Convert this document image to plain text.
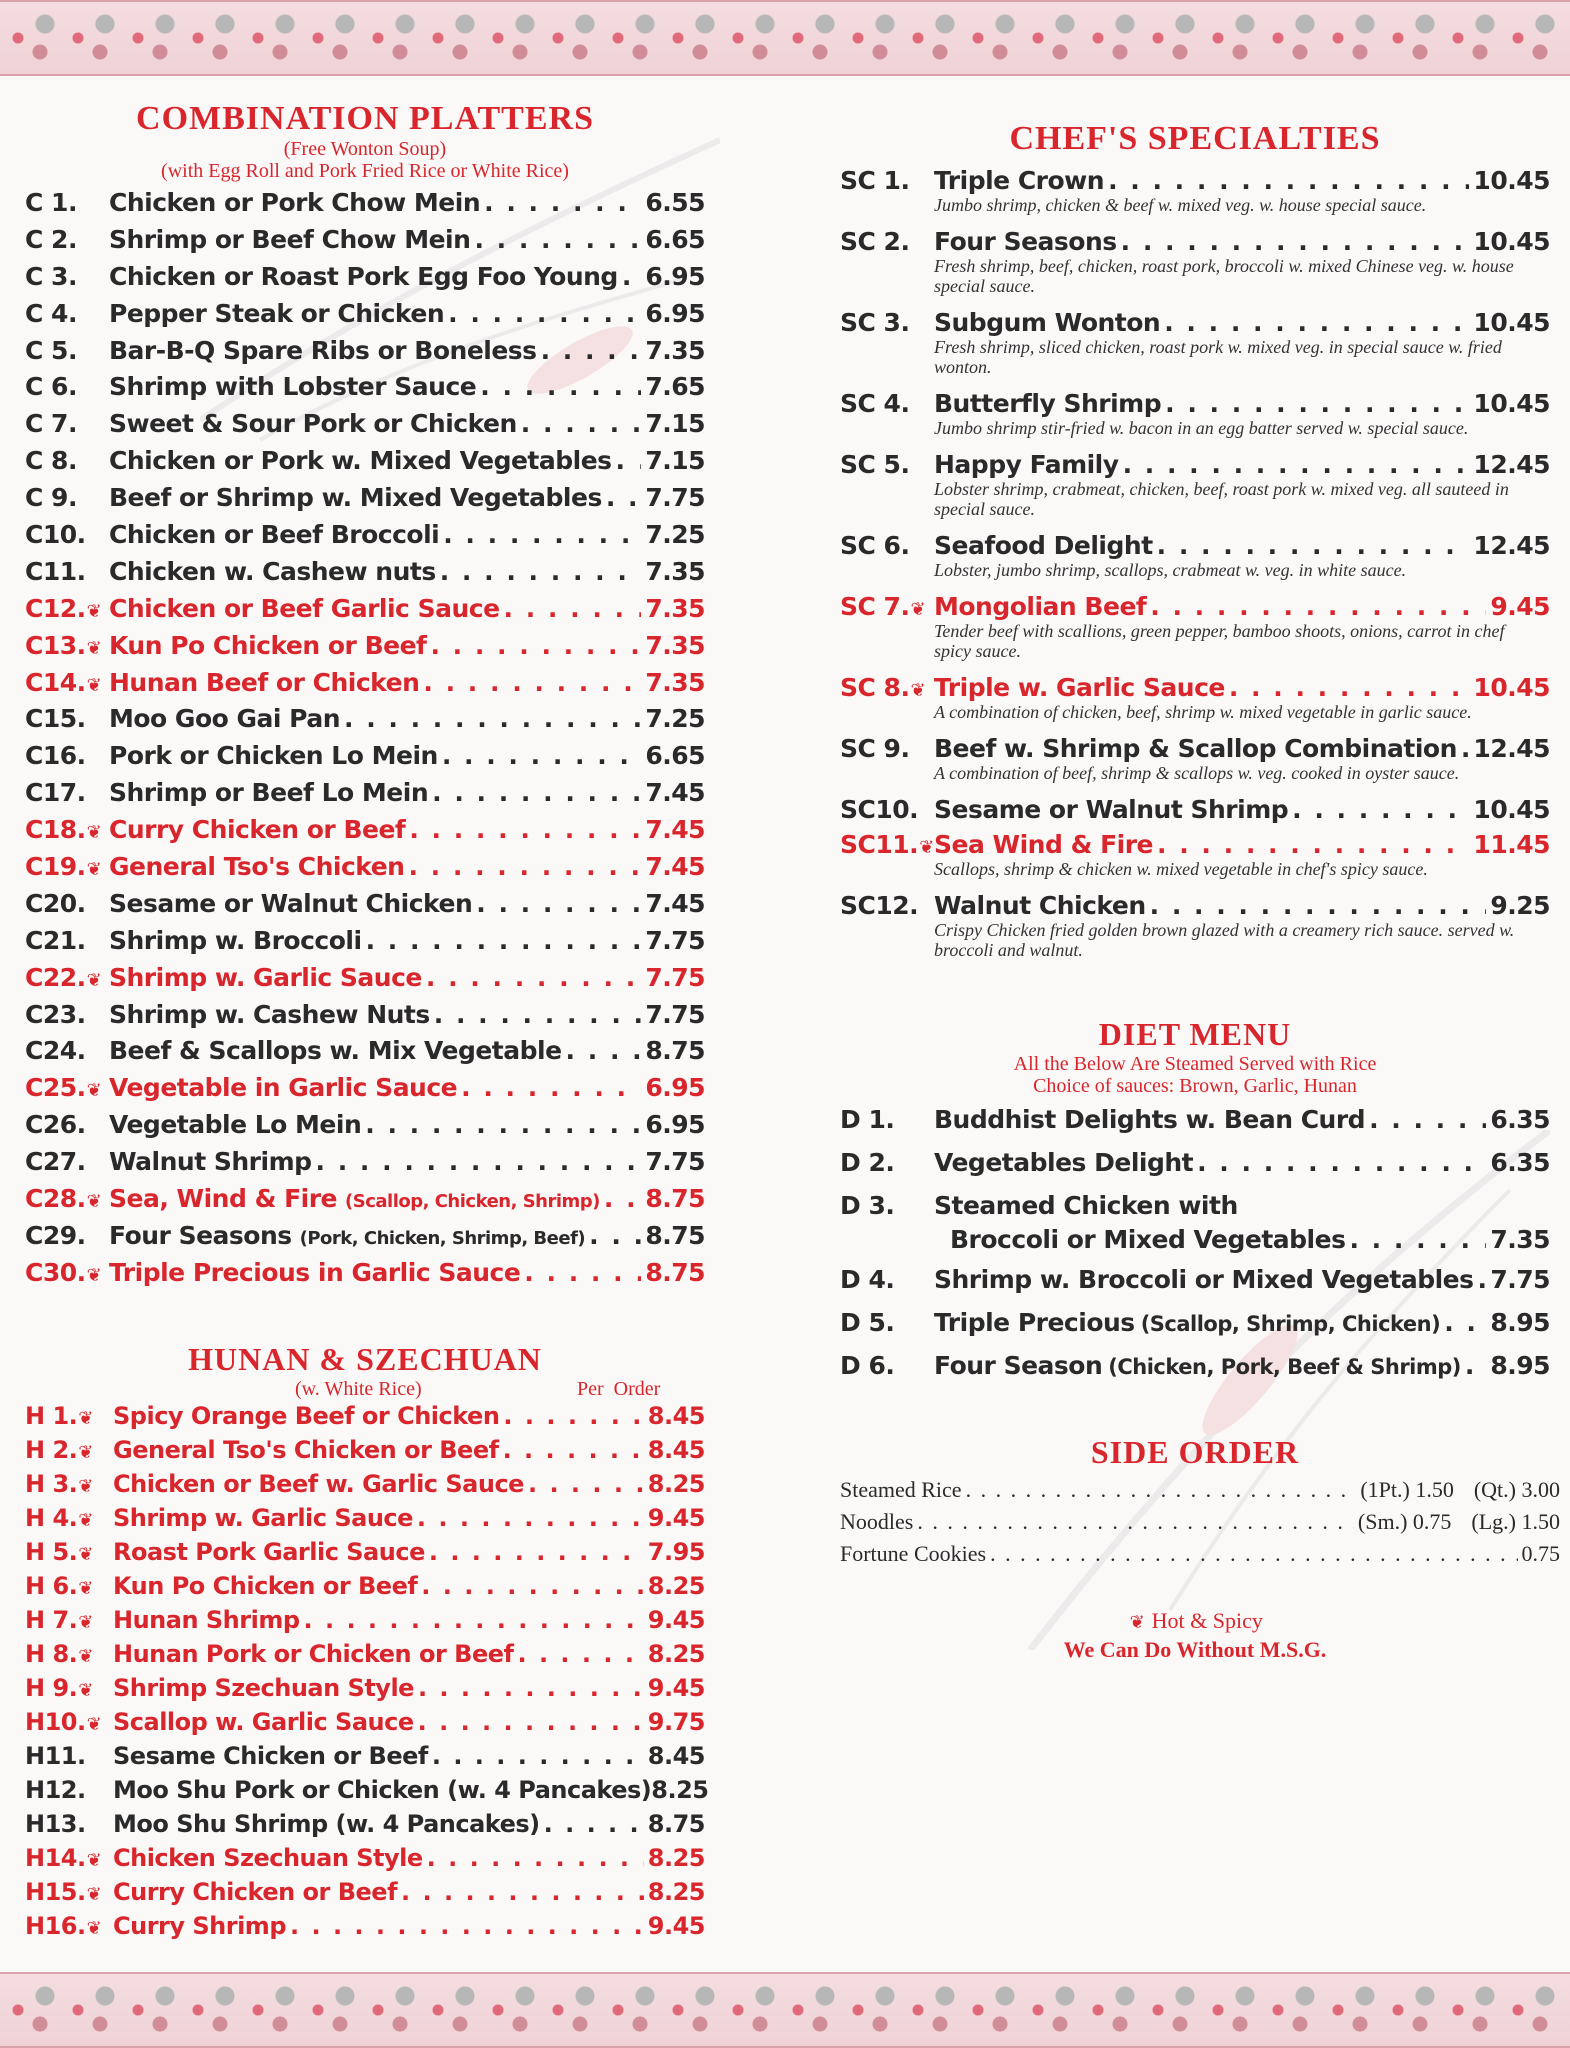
COMBINATION PLATTERS
(Free Wonton Soup)
(with Egg Roll and Pork Fried Rice or White Rice)
C 1.	Chicken or Pork Chow Mein . . .	6.55
C 2.	Shrimp or Beef Chow Mein . . .	6.65
C 3.	Chicken or Roast Pork Egg Foo Young . . . 6.95
C 4.	Pepper Steak or Chicken . . .	6.95
C 5.	Bar-B-Q Spare Ribs or Boneless . . .	7.35
C 6.	Shrimp with Lobster Sauce . . .	7.65
C 7.	Sweet & Sour Pork or Chicken . . .	7.15
C 8.	Chicken or Pork w. Mixed Vegetables . . . 7.15
C 9.	Beef or Shrimp w. Mixed Vegetables . . . 7.75
C10. Chicken or Beef Broccoli . . .	7.25
C11. Chicken w. Cashew nuts . . .	7.35
C12.❦ Chicken or Beef Garlic Sauce . . .	7.35
C13.❦ Kun Po Chicken or Beef . . .	7.35
C14.❦ Hunan Beef or Chicken . . .	7.35
C15. Moo Goo Gai Pan . . .	7.25
C16. Pork or Chicken Lo Mein . . .	6.65
C17. Shrimp or Beef Lo Mein . . .	7.45
C18.❦ Curry Chicken or Beef . . .	7.45
C19.❦ General Tso's Chicken . . .	7.45
C20. Sesame or Walnut Chicken . . .	7.45
C21. Shrimp w. Broccoli . . .	7.75
C22.❦ Shrimp w. Garlic Sauce . . .	7.75
C23. Shrimp w. Cashew Nuts . . .	7.75
C24. Beef & Scallops w. Mix Vegetable . . .	8.75
C25.❦ Vegetable in Garlic Sauce . . .	6.95
C26. Vegetable Lo Mein . . .	6.95
C27. Walnut Shrimp . . .	7.75
C28.❦ Sea, Wind & Fire (Scallop, Chicken, Shrimp) . . . 8.75
C29. Four Seasons (Pork, Chicken, Shrimp, Beef) . . . 8.75
C30.❦ Triple Precious in Garlic Sauce . . .	8.75
HUNAN & SZECHUAN
(w. White Rice)	Per  Order
H 1.❦ Spicy Orange Beef or Chicken . . .	8.45
H 2.❦ General Tso's Chicken or Beef . . .	8.45
H 3.❦ Chicken or Beef w. Garlic Sauce . . .	8.25
H 4.❦ Shrimp w. Garlic Sauce . . .	9.45
H 5.❦ Roast Pork Garlic Sauce . . .	7.95
H 6.❦ Kun Po Chicken or Beef . . .	8.25
H 7.❦ Hunan Shrimp . . .	9.45
H 8.❦ Hunan Pork or Chicken or Beef . . .	8.25
H 9.❦ Shrimp Szechuan Style . . .	9.45
H10.❦ Scallop w. Garlic Sauce . . .	9.75
H11.	Sesame Chicken or Beef . . .	8.45
H12.	Moo Shu Pork or Chicken (w. 4 Pancakes) 8.25
H13.	Moo Shu Shrimp (w. 4 Pancakes) . . .	8.75
H14.❦ Chicken Szechuan Style . . .	8.25
H15.❦ Curry Chicken or Beef . . .	8.25
H16.❦ Curry Shrimp . . .	9.45
CHEF'S SPECIALTIES
SC 1. Triple Crown . . .	10.45
Jumbo shrimp, chicken & beef w. mixed veg. w. house special sauce.
SC 2. Four Seasons . . .	10.45
Fresh shrimp, beef, chicken, roast pork, broccoli w. mixed Chinese veg. w. house special sauce.
SC 3. Subgum Wonton . . .	10.45
Fresh shrimp, sliced chicken, roast pork w. mixed veg. in special sauce w. fried wonton.
SC 4. Butterfly Shrimp . . .	10.45
Jumbo shrimp stir-fried w. bacon in an egg batter served w. special sauce.
SC 5. Happy Family . . .	12.45
Lobster shrimp, crabmeat, chicken, beef, roast pork w. mixed veg. all sauteed in special sauce.
SC 6. Seafood Delight . . .	12.45
Lobster, jumbo shrimp, scallops, crabmeat w. veg. in white sauce.
SC 7.❦ Mongolian Beef . . .	9.45
Tender beef with scallions, green pepper, bamboo shoots, onions, carrot in chef spicy sauce.
SC 8.❦ Triple w. Garlic Sauce . . .	10.45
A combination of chicken, beef, shrimp w. mixed vegetable in garlic sauce.
SC 9. Beef w. Shrimp & Scallop Combination . . . 12.45
A combination of beef, shrimp & scallops w. veg. cooked in oyster sauce.
SC10. Sesame or Walnut Shrimp . . .	10.45
SC11.❦ Sea Wind & Fire . . .	11.45
Scallops, shrimp & chicken w. mixed vegetable in chef's spicy sauce.
SC12. Walnut Chicken . . .	9.25
Crispy Chicken fried golden brown glazed with a creamery rich sauce. served w. broccoli and walnut.
DIET MENU
All the Below Are Steamed Served with Rice
Choice of sauces: Brown, Garlic, Hunan
D 1.	Buddhist Delights w. Bean Curd . . .	6.35
D 2.	Vegetables Delight . . .	6.35
D 3.	Steamed Chicken with
Broccoli or Mixed Vegetables . . .	7.35
D 4.	Shrimp w. Broccoli or Mixed Vegetables . . . 7.75
D 5.	Triple Precious (Scallop, Shrimp, Chicken) . . . 8.95
D 6.	Four Season (Chicken, Pork, Beef & Shrimp) . . . 8.95
SIDE ORDER
Steamed Rice . . .	(1Pt.) 1.50 (Qt.) 3.00
Noodles . . .	(Sm.) 0.75 (Lg.) 1.50
Fortune Cookies . . .	0.75
❦ Hot & Spicy
We Can Do Without M.S.G.
